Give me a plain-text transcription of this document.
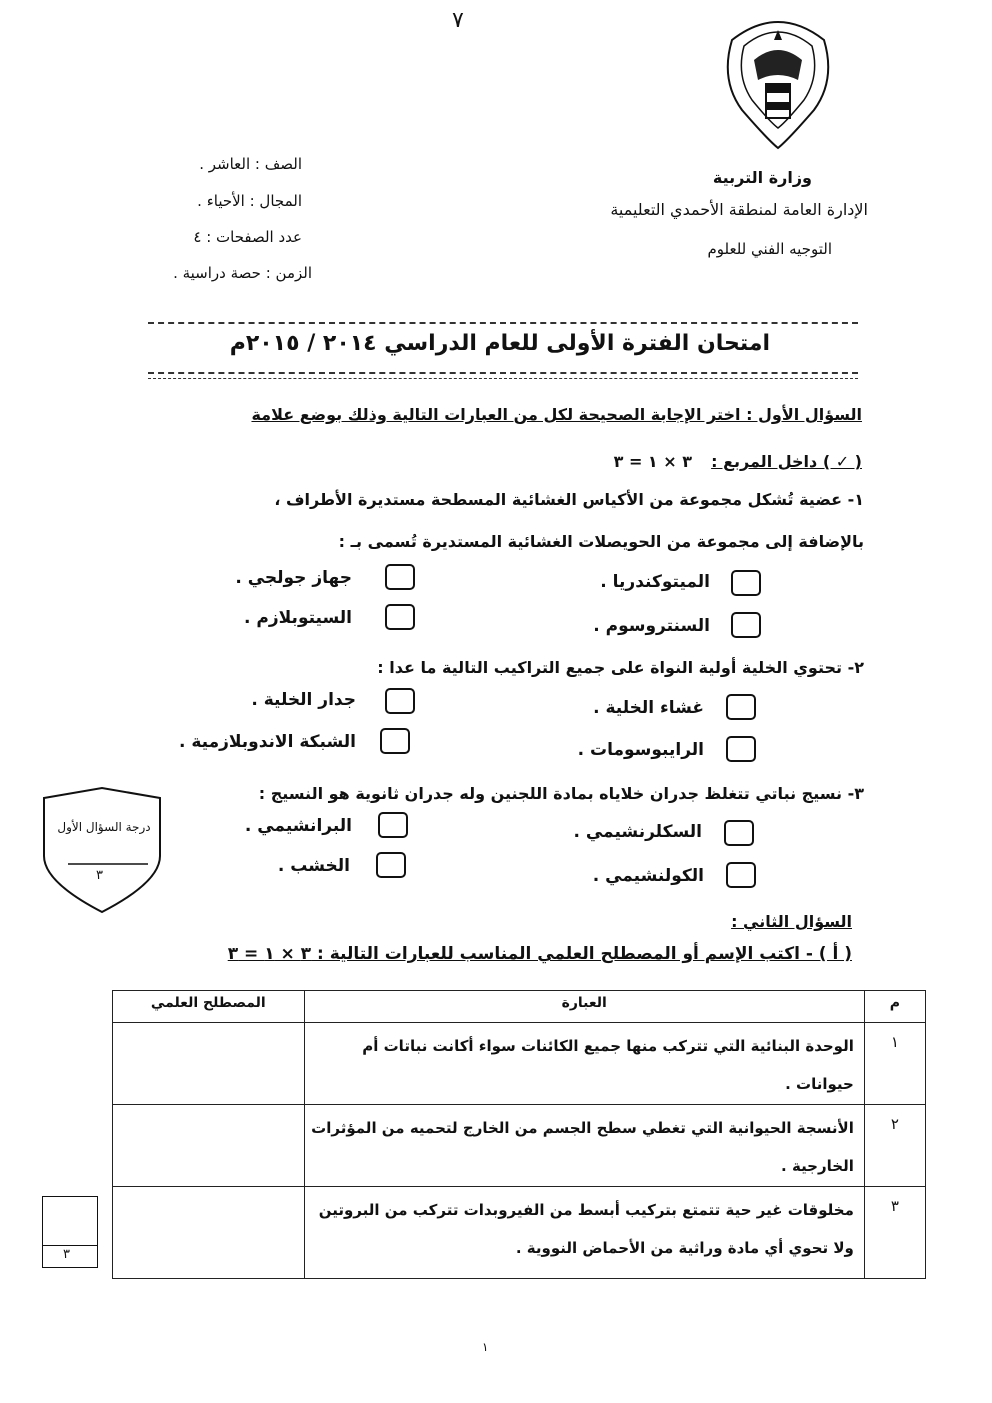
٧
وزارة التربية
الإدارة العامة لمنطقة الأحمدي التعليمية
التوجيه الفني للعلوم
الصف : العاشر .
المجال : الأحياء .
عدد الصفحات : ٤
الزمن : حصة دراسية .
امتحان الفترة الأولى للعام الدراسي ٢٠١٤ / ٢٠١٥م
السؤال الأول : اختر الإجابة الصحيحة لكل من العبارات التالية وذلك بوضع علامة
( ✓ ) داخل المربع :
٣ × ١ = ٣
١- عضية تُشكل مجموعة من الأكياس الغشائية المسطحة مستديرة الأطراف ،
بالإضافة إلى مجموعة من الحويصلات الغشائية المستديرة تُسمى بـ :
الميتوكندريا .
جهاز جولجي .
السنتروسوم .
السيتوبلازم .
٢- تحتوي الخلية أولية النواة على جميع التراكيب التالية ما عدا :
غشاء الخلية .
جدار الخلية .
الرايبوسومات .
الشبكة الاندوبلازمية .
٣- نسيج نباتي تتغلظ جدران خلاياه بمادة اللجنين وله جدران ثانوية هو النسيج :
السكلرنشيمي .
البرانشيمي .
الكولنشيمي .
الخشب .
درجة السؤال الأول
٣
السؤال الثاني :
( أ ) - اكتب الإسم أو المصطلح العلمي المناسب للعبارات التالية : ٣ × ١ = ٣
المصطلح العلمي	العبارة	م
	الوحدة البنائية التي تتركب منها جميع الكائنات سواء أكانت نباتات أم حيوانات .	١
	الأنسجة الحيوانية التي تغطي سطح الجسم من الخارج لتحميه من المؤثرات الخارجية .	٢
	مخلوقات غير حية تتمتع بتركيب أبسط من الفيروبدات تتركب من البروتين ولا تحوي أي مادة وراثية من الأحماض النووية .	٣
٣
١
